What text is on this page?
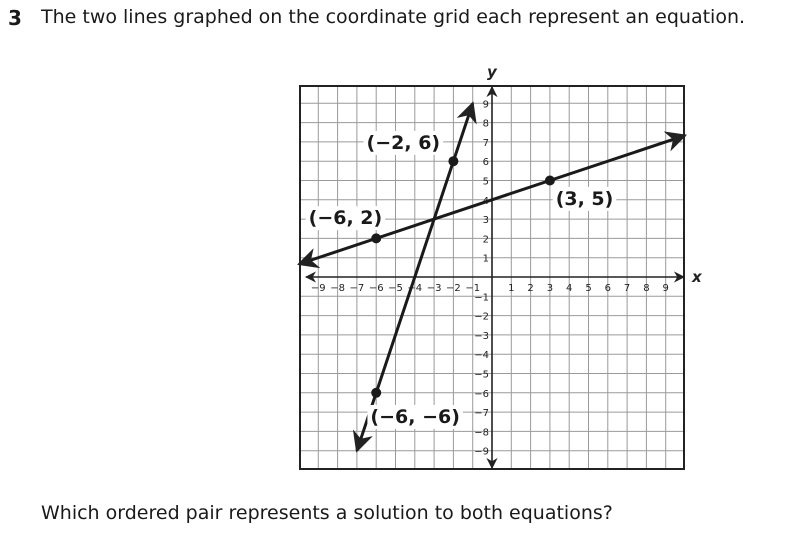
3 The two lines graphed on the coordinate grid each represent an equation.
−9 −8 −7 −6 −5 −4 −3 −2 −1	1 2 3 4 5 6 7 8 9
9
8
7
6
5
3
2
1
−1
−2
−3
−4
−5
−6
−7
−8
−9
(−2, 6)
(−6, 2)
(3, 5)
(−6, −6)
x
y
Which ordered pair represents a solution to both equations?
